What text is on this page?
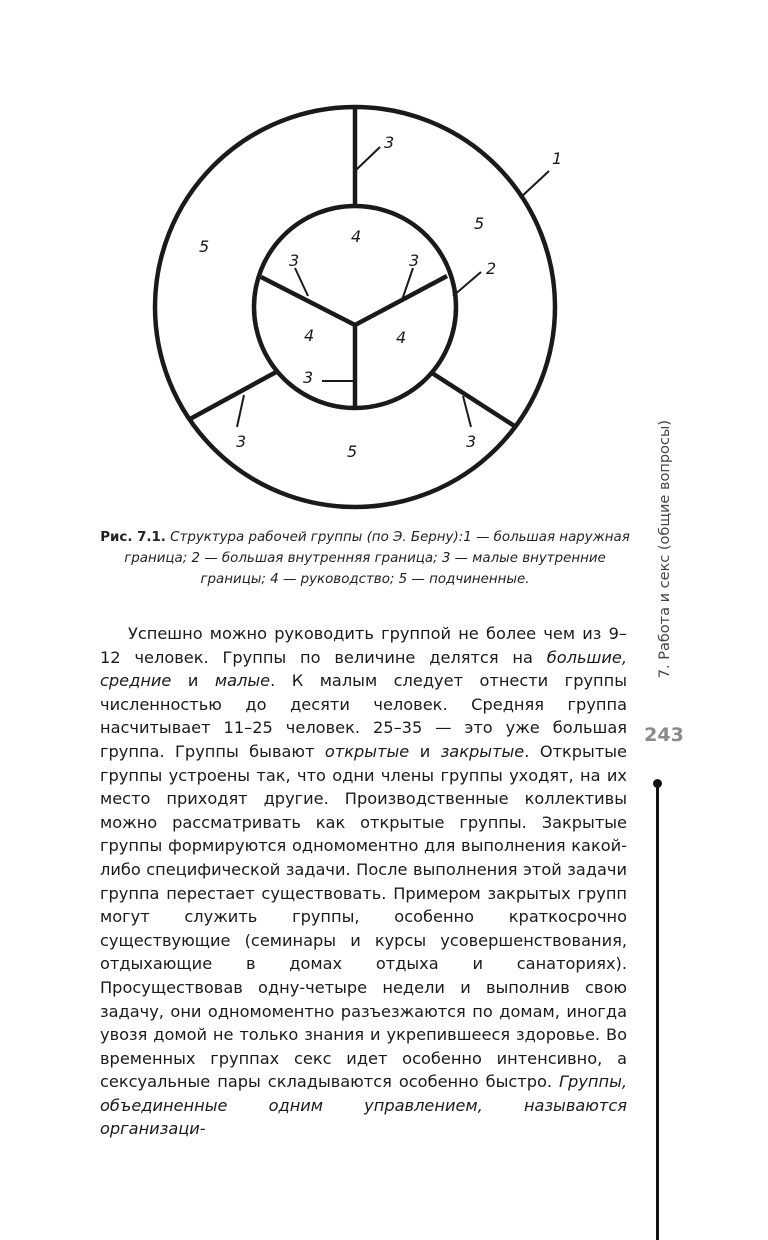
1
2
3
3	3
3
3	3
4
4	4
5
5
5
Рис. 7.1. Структура рабочей группы (по Э. Берну):1 — большая наружная граница; 2 — большая внутренняя граница; 3 — малые внутренние границы; 4 — руководство; 5 — подчиненные.

Успешно можно руководить группой не более чем из 9–12 человек. Группы по величине делятся на большие, средние и малые. К малым следует отнести группы численностью до десяти человек. Средняя группа насчитывает 11–25 человек. 25–35 — это уже большая группа. Группы бывают открытые и закрытые. Открытые группы устроены так, что одни члены группы уходят, на их место приходят другие. Производственные коллективы можно рассматривать как открытые группы. Закрытые группы формируются одномоментно для выполнения какой-либо специфической задачи. После выполнения этой задачи группа перестает существовать. Примером закрытых групп могут служить группы, особенно краткосрочно существующие (семинары и курсы усовершенствования, отдыхающие в домах отдыха и санаториях). Просуществовав одну-четыре недели и выполнив свою задачу, они одномоментно разъезжаются по домам, иногда увозя домой не только знания и укрепившееся здоровье. Во временных группах секс идет особенно интенсивно, а сексуальные пары складываются особенно быстро. Группы, объединенные одним управлением, называются организаци-

7. Работа и секс (общие вопросы)
243
